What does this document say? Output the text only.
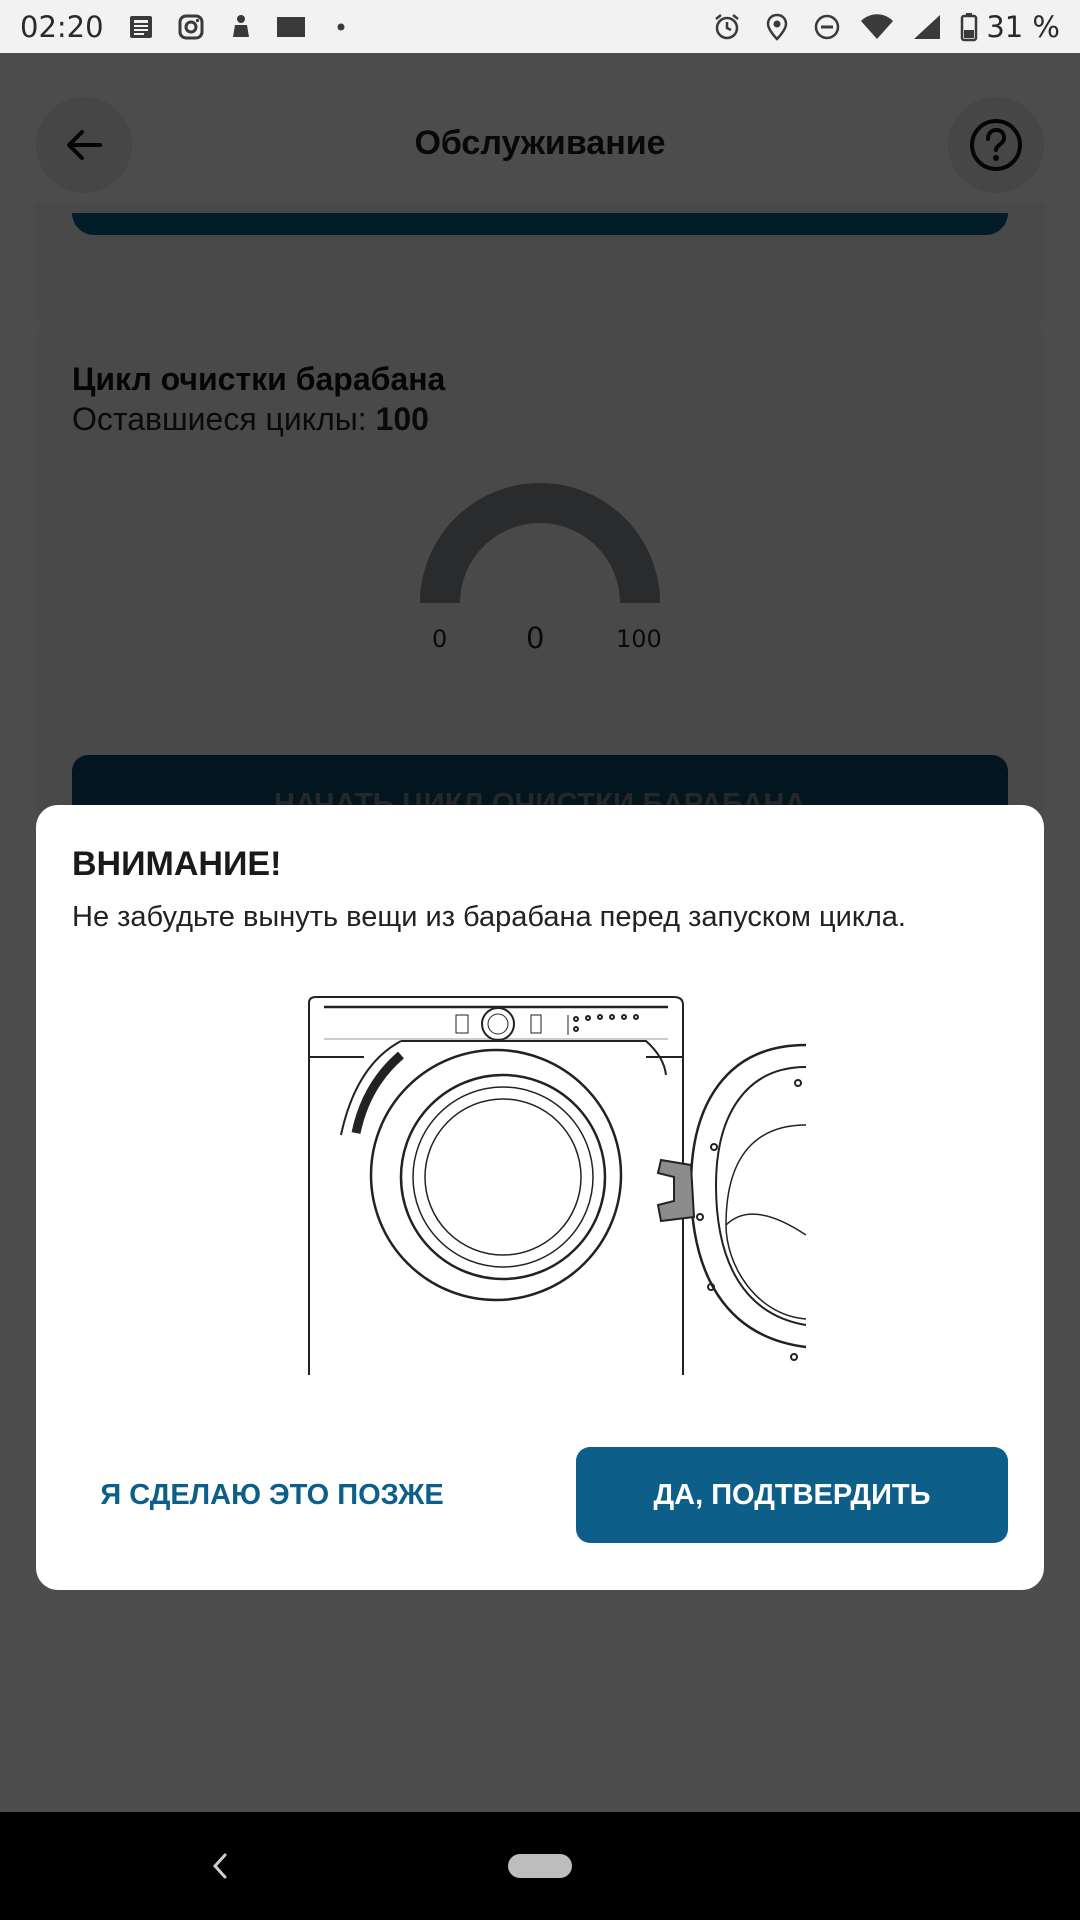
02:20	31 %
ВНИМАНИЕ!
Не забудьте вынуть вещи из барабана перед запуском цикла.
Я СДЕЛАЮ ЭТО ПОЗЖЕ	ДА, ПОДТВЕРДИТЬ
